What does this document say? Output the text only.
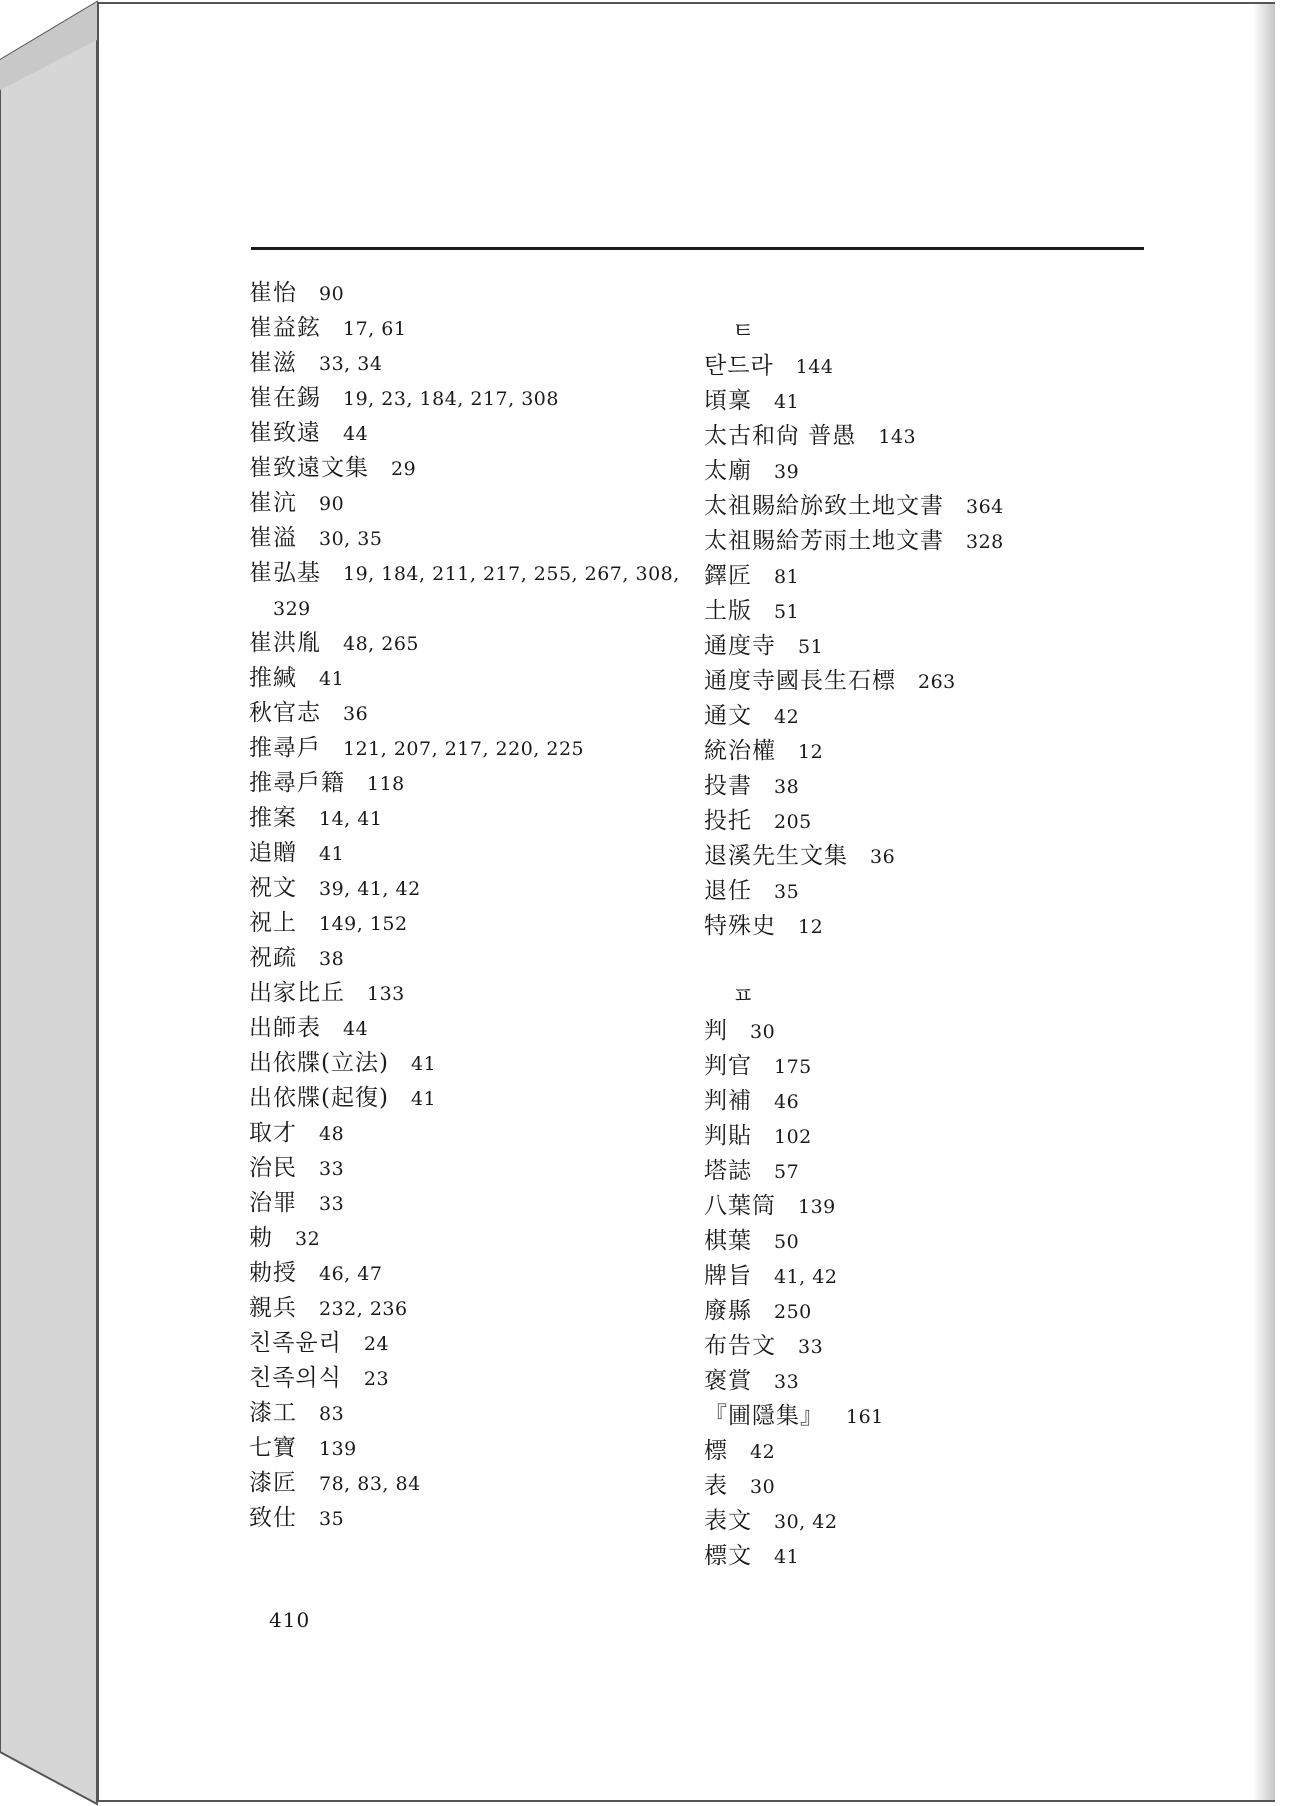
崔怡 90
崔益鉉 17, 61
崔滋 33, 34
崔在錫 19, 23, 184, 217, 308
崔致遠 44
崔致遠文集 29
崔沆 90
崔溢 30, 35
崔弘基 19, 184, 211, 217, 255, 267, 308,
329
崔洪胤 48, 265
推緘 41
秋官志 36
推尋戶 121, 207, 217, 220, 225
推尋戶籍 118
推案 14, 41
追贈 41
祝文 39, 41, 42
祝上 149, 152
祝疏 38
出家比丘 133
出師表 44
出依牒(立法) 41
出依牒(起復) 41
取才 48
治民 33
治罪 33
勅 32
勅授 46, 47
親兵 232, 236
친족윤리 24
친족의식 23
漆工 83
七寶 139
漆匠 78, 83, 84
致仕 35
ㅌ
탄드라 144
頃稟 41
太古和尙 普愚 143
太廟 39
太祖賜給旀致土地文書 364
太祖賜給芳雨土地文書 328
鐸匠 81
土版 51
通度寺 51
通度寺國長生石標 263
通文 42
統治權 12
投書 38
投托 205
退溪先生文集 36
退任 35
特殊史 12
ㅍ
判 30
判官 175
判補 46
判貼 102
塔誌 57
八葉筒 139
棋葉 50
牌旨 41, 42
廢縣 250
布告文 33
褒賞 33
『圃隱集』 161
標 42
表 30
表文 30, 42
標文 41
410
